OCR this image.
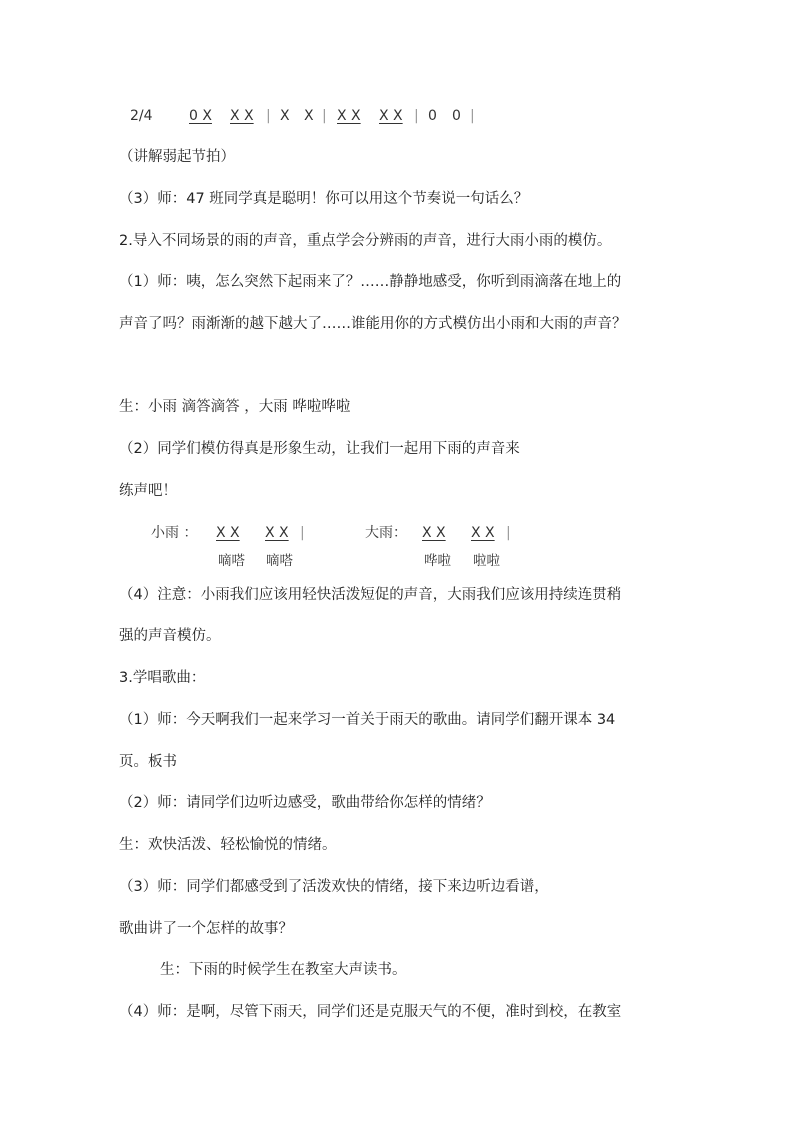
2/4	0 X X X | X X | X X X X | 0 0 |
（讲解弱起节拍）
（3）师：47 班同学真是聪明！你可以用这个节奏说一句话么？
2.导入不同场景的雨的声音，重点学会分辨雨的声音，进行大雨小雨的模仿。
（1）师：咦，怎么突然下起雨来了？……静静地感受，你听到雨滴落在地上的
声音了吗？雨渐渐的越下越大了……谁能用你的方式模仿出小雨和大雨的声音？
生：小雨 滴答滴答 ，大雨 哗啦哗啦
（2）同学们模仿得真是形象生动，让我们一起用下雨的声音来
练声吧！
小雨 ： X X X X |	大雨： X X X X |
嘀嗒 嘀嗒	哗啦 啦啦
（4）注意：小雨我们应该用轻快活泼短促的声音，大雨我们应该用持续连贯稍
强的声音模仿。
3.学唱歌曲：
（1）师：今天啊我们一起来学习一首关于雨天的歌曲。请同学们翻开课本 34
页。板书
（2）师：请同学们边听边感受，歌曲带给你怎样的情绪？
生：欢快活泼、轻松愉悦的情绪。
（3）师：同学们都感受到了活泼欢快的情绪，接下来边听边看谱，
歌曲讲了一个怎样的故事？
生：下雨的时候学生在教室大声读书。
（4）师：是啊，尽管下雨天，同学们还是克服天气的不便，准时到校，在教室
